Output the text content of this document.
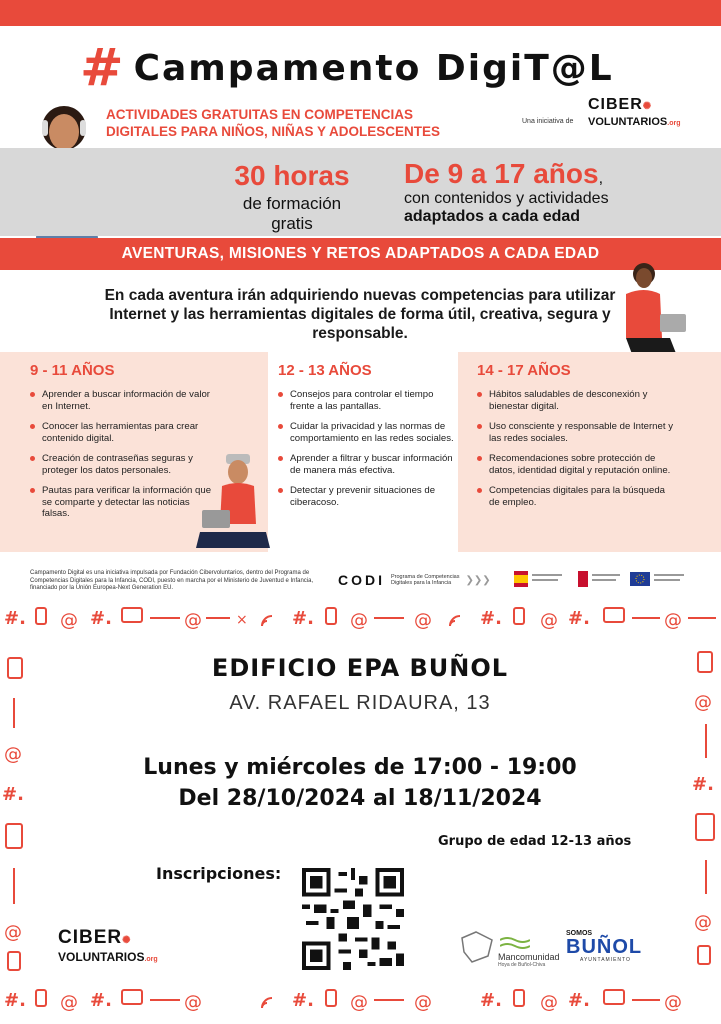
# Campamento DigiT@L
ACTIVIDADES GRATUITAS EN COMPETENCIAS
DIGITALES PARA NIÑOS, NIÑAS Y ADOLESCENTES
Una iniciativa de
CIBER✺
VOLUNTARIOS.org
30 horas
de formación gratis
De 9 a 17 años,
con contenidos y actividades
adaptados a cada edad
AVENTURAS, MISIONES Y RETOS ADAPTADOS A CADA EDAD
En cada aventura irán adquiriendo nuevas competencias para utilizar Internet y las herramientas digitales de forma útil, creativa, segura y responsable.
9 - 11 AÑOS
Aprender a buscar información de valor en Internet.
Conocer las herramientas para crear contenido digital.
Creación de contraseñas seguras y proteger los datos personales.
Pautas para verificar la información que se comparte y detectar las noticias falsas.
12 - 13 AÑOS
Consejos para controlar el tiempo frente a las pantallas.
Cuidar la privacidad y las normas de comportamiento en las redes sociales.
Aprender a filtrar y buscar información de manera más efectiva.
Detectar y prevenir situaciones de ciberacoso.
14 - 17 AÑOS
Hábitos saludables de desconexión y bienestar digital.
Uso consciente y responsable de Internet y las redes sociales.
Recomendaciones sobre protección de datos, identidad digital y reputación online.
Competencias digitales para la búsqueda de empleo.
Campamento Digital es una iniciativa impulsada por Fundación Cibervoluntarios, dentro del Programa de Competencias Digitales para la Infancia, CODI, puesto en marcha por el Ministerio de Juventud e Infancia, financiado por la Unión Europea-Next Generation EU.	CODI Programa de Competencias
Digitales para la Infancia	❯❯❯
#. @ #.	@ × #. @	@	#. @ #.	@
@
#.
@
@
#.
@
#. @ #.	@	#. @	@	#. @ #.	@
EDIFICIO EPA BUÑOL
AV. RAFAEL RIDAURA, 13
Lunes y miércoles de 17:00 - 19:00
Del 28/10/2024 al 18/11/2024
Grupo de edad 12-13 años
Inscripciones:
CIBER✺
VOLUNTARIOS.org	Mancomunidad
Hoya de Buñol-Chiva
SOMOS
BUÑOL
AYUNTAMIENTO
